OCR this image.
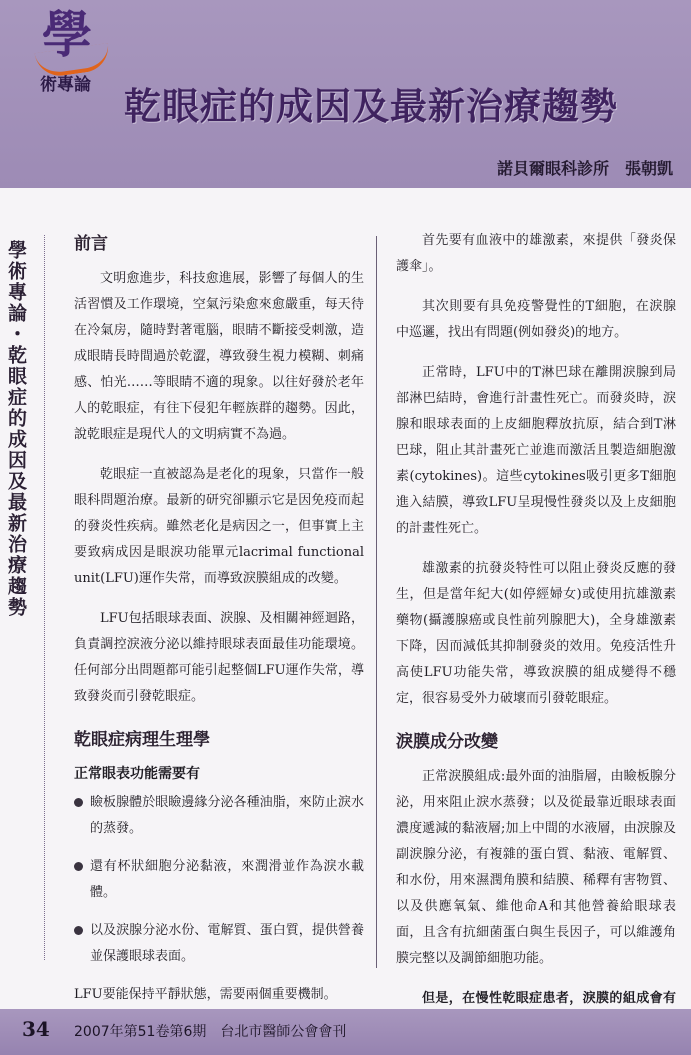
學
術專論 乾眼症的成因及最新治療趨勢
諾貝爾眼科診所　張朝凱
學術專論・乾眼症的成因及最新治療趨勢	前言

文明愈進步，科技愈進展，影響了每個人的生活習慣及工作環境，空氣污染愈來愈嚴重，每天待在冷氣房，隨時對著電腦，眼睛不斷接受刺激，造成眼睛長時間過於乾澀，導致發生視力模糊、刺痛感、怕光……等眼睛不適的現象。以往好發於老年人的乾眼症，有往下侵犯年輕族群的趨勢。因此，說乾眼症是現代人的文明病實不為過。

乾眼症一直被認為是老化的現象，只當作一般眼科問題治療。最新的研究卻顯示它是因免疫而起的發炎性疾病。雖然老化是病因之一，但事實上主要致病成因是眼淚功能單元lacrimal functional unit(LFU)運作失常，而導致淚膜組成的改變。

LFU包括眼球表面、淚腺、及相關神經迴路，負責調控淚液分泌以維持眼球表面最佳功能環境。任何部分出問題都可能引起整個LFU運作失常，導致發炎而引發乾眼症。

乾眼症病理生理學
正常眼表功能需要有
瞼板腺體於眼瞼邊緣分泌各種油脂，來防止淚水的蒸發。
還有杯狀細胞分泌黏液，來潤滑並作為淚水載體。
以及淚腺分泌水份、電解質、蛋白質，提供營養並保護眼球表面。

LFU要能保持平靜狀態，需要兩個重要機制。

首先要有血液中的雄激素，來提供「發炎保護傘」。

其次則要有具免疫警覺性的T細胞，在淚腺中巡邏，找出有問題(例如發炎)的地方。

正常時，LFU中的T淋巴球在離開淚腺到局部淋巴結時，會進行計畫性死亡。而發炎時，淚腺和眼球表面的上皮細胞釋放抗原，結合到T淋巴球，阻止其計畫死亡並進而激活且製造細胞激素(cytokines)。這些cytokines吸引更多T細胞進入結膜，導致LFU呈現慢性發炎以及上皮細胞的計畫性死亡。

雄激素的抗發炎特性可以阻止發炎反應的發生，但是當年紀大(如停經婦女)或使用抗雄激素藥物(攝護腺癌或良性前列腺肥大)，全身雄激素下降，因而減低其抑制發炎的效用。免疫活性升高使LFU功能失常，導致淚膜的組成變得不穩定，很容易受外力破壞而引發乾眼症。

淚膜成分改變

正常淚膜組成:最外面的油脂層，由瞼板腺分泌，用來阻止淚水蒸發；以及從最靠近眼球表面濃度遞減的黏液層;加上中間的水液層，由淚腺及副淚腺分泌，有複雜的蛋白質、黏液、電解質、和水份，用來濕潤角膜和結膜、稀釋有害物質、以及供應氧氣、維他命A和其他營養給眼球表面，且含有抗細菌蛋白與生長因子，可以維護角膜完整以及調節細胞功能。

但是，在慢性乾眼症患者，淚膜的組成會有

34 2007年第51卷第6期　台北市醫師公會會刊
